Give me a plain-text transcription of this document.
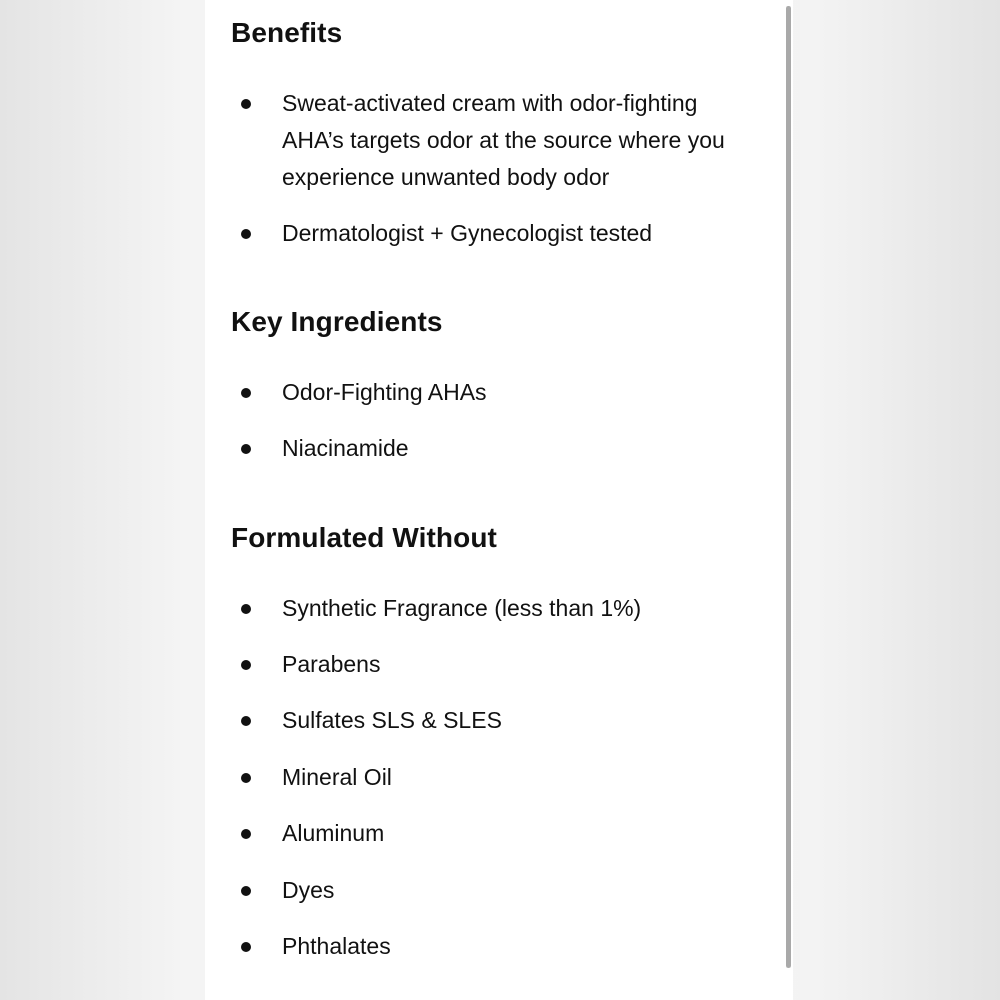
Benefits
Sweat-activated cream with odor-fighting AHA’s targets odor at the source where you experience unwanted body odor
Dermatologist + Gynecologist tested
Key Ingredients
Odor-Fighting AHAs
Niacinamide
Formulated Without
Synthetic Fragrance (less than 1%)
Parabens
Sulfates SLS & SLES
Mineral Oil
Aluminum
Dyes
Phthalates
